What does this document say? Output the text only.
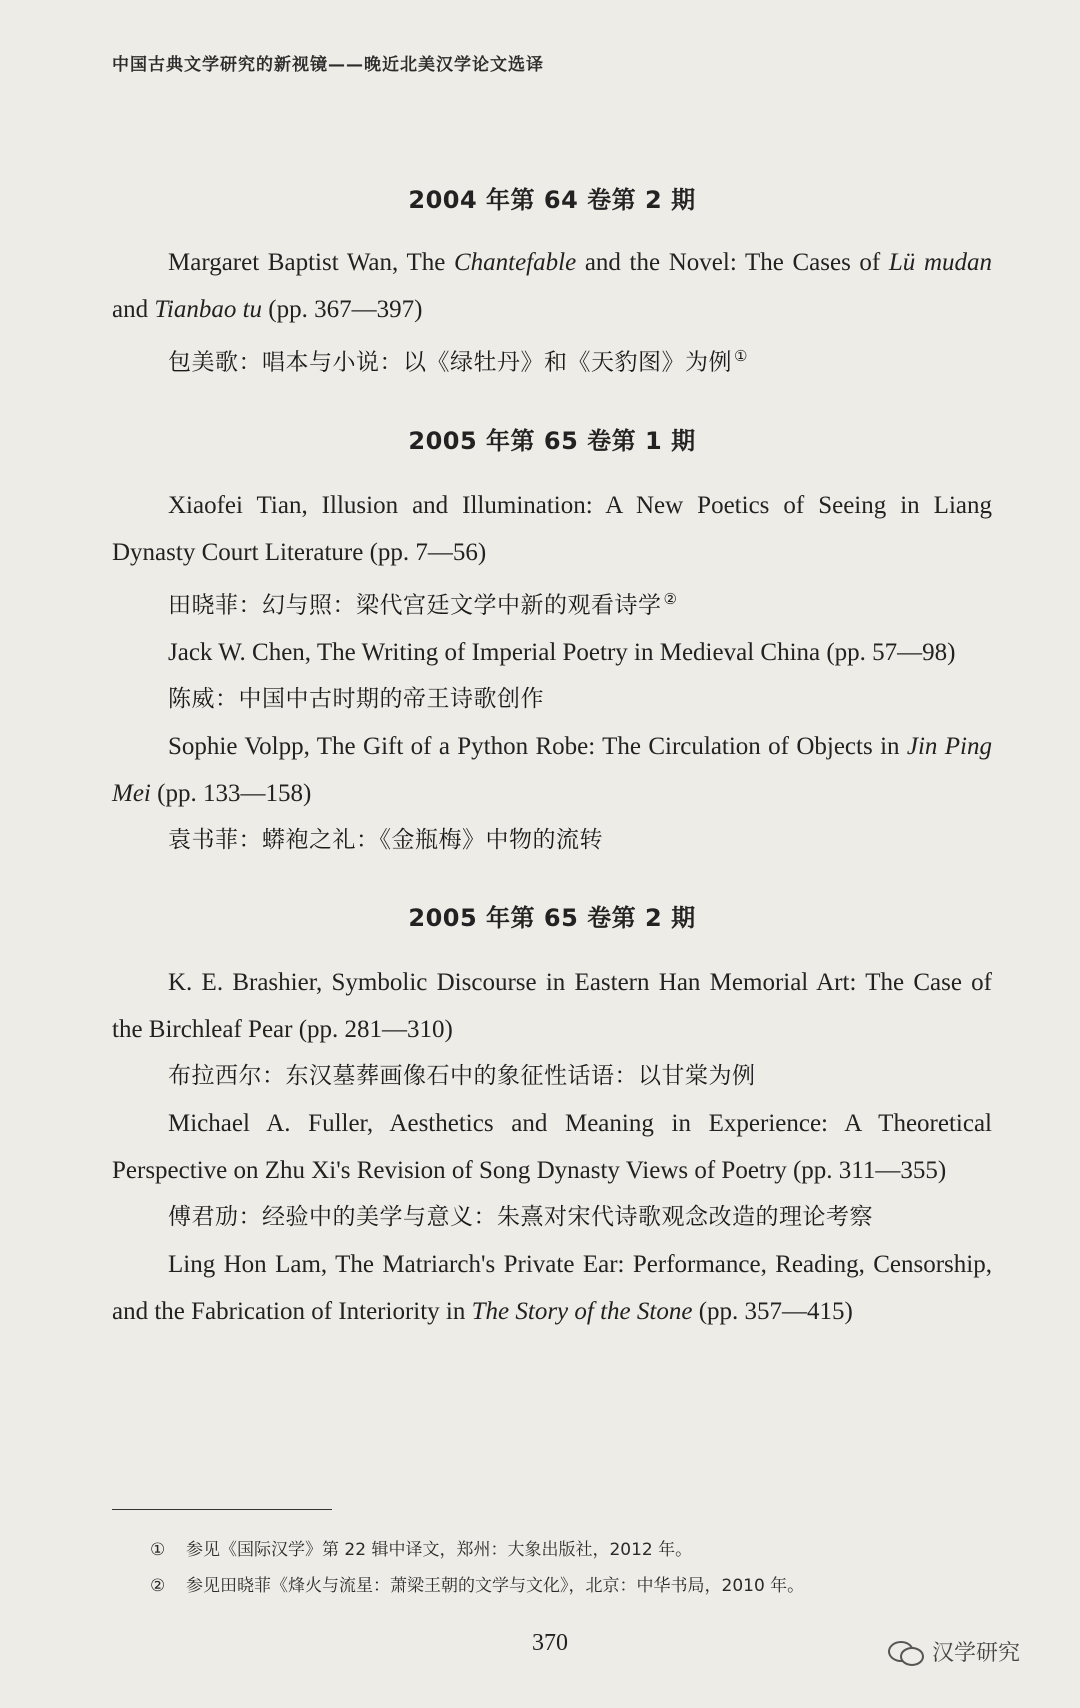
中国古典文学研究的新视镜——晚近北美汉学论文选译
2004 年第 64 卷第 2 期

Margaret Baptist Wan, The Chantefable and the Novel: The Cases of Lü mudan and Tianbao tu (pp. 367—397)

包美歌：唱本与小说：以《绿牡丹》和《天豹图》为例 ①

2005 年第 65 卷第 1 期

Xiaofei Tian, Illusion and Illumination: A New Poetics of Seeing in Liang Dynasty Court Literature (pp. 7—56)

田晓菲：幻与照：梁代宫廷文学中新的观看诗学 ②

Jack W. Chen, The Writing of Imperial Poetry in Medieval China (pp. 57—98)

陈威：中国中古时期的帝王诗歌创作

Sophie Volpp, The Gift of a Python Robe: The Circulation of Objects in Jin Ping Mei (pp. 133—158)

袁书菲：蟒袍之礼：《金瓶梅》中物的流转

2005 年第 65 卷第 2 期

K. E. Brashier, Symbolic Discourse in Eastern Han Memorial Art: The Case of the Birchleaf Pear (pp. 281—310)

布拉西尔：东汉墓葬画像石中的象征性话语：以甘棠为例

Michael A. Fuller, Aesthetics and Meaning in Experience: A Theoretical Perspective on Zhu Xi's Revision of Song Dynasty Views of Poetry (pp. 311—355)

傅君劢：经验中的美学与意义：朱熹对宋代诗歌观念改造的理论考察

Ling Hon Lam, The Matriarch's Private Ear: Performance, Reading, Censorship, and the Fabrication of Interiority in The Story of the Stone (pp. 357—415)

① 参见《国际汉学》第 22 辑中译文，郑州：大象出版社，2012 年。

② 参见田晓菲《烽火与流星：萧梁王朝的文学与文化》，北京：中华书局，2010 年。

370	汉学研究
